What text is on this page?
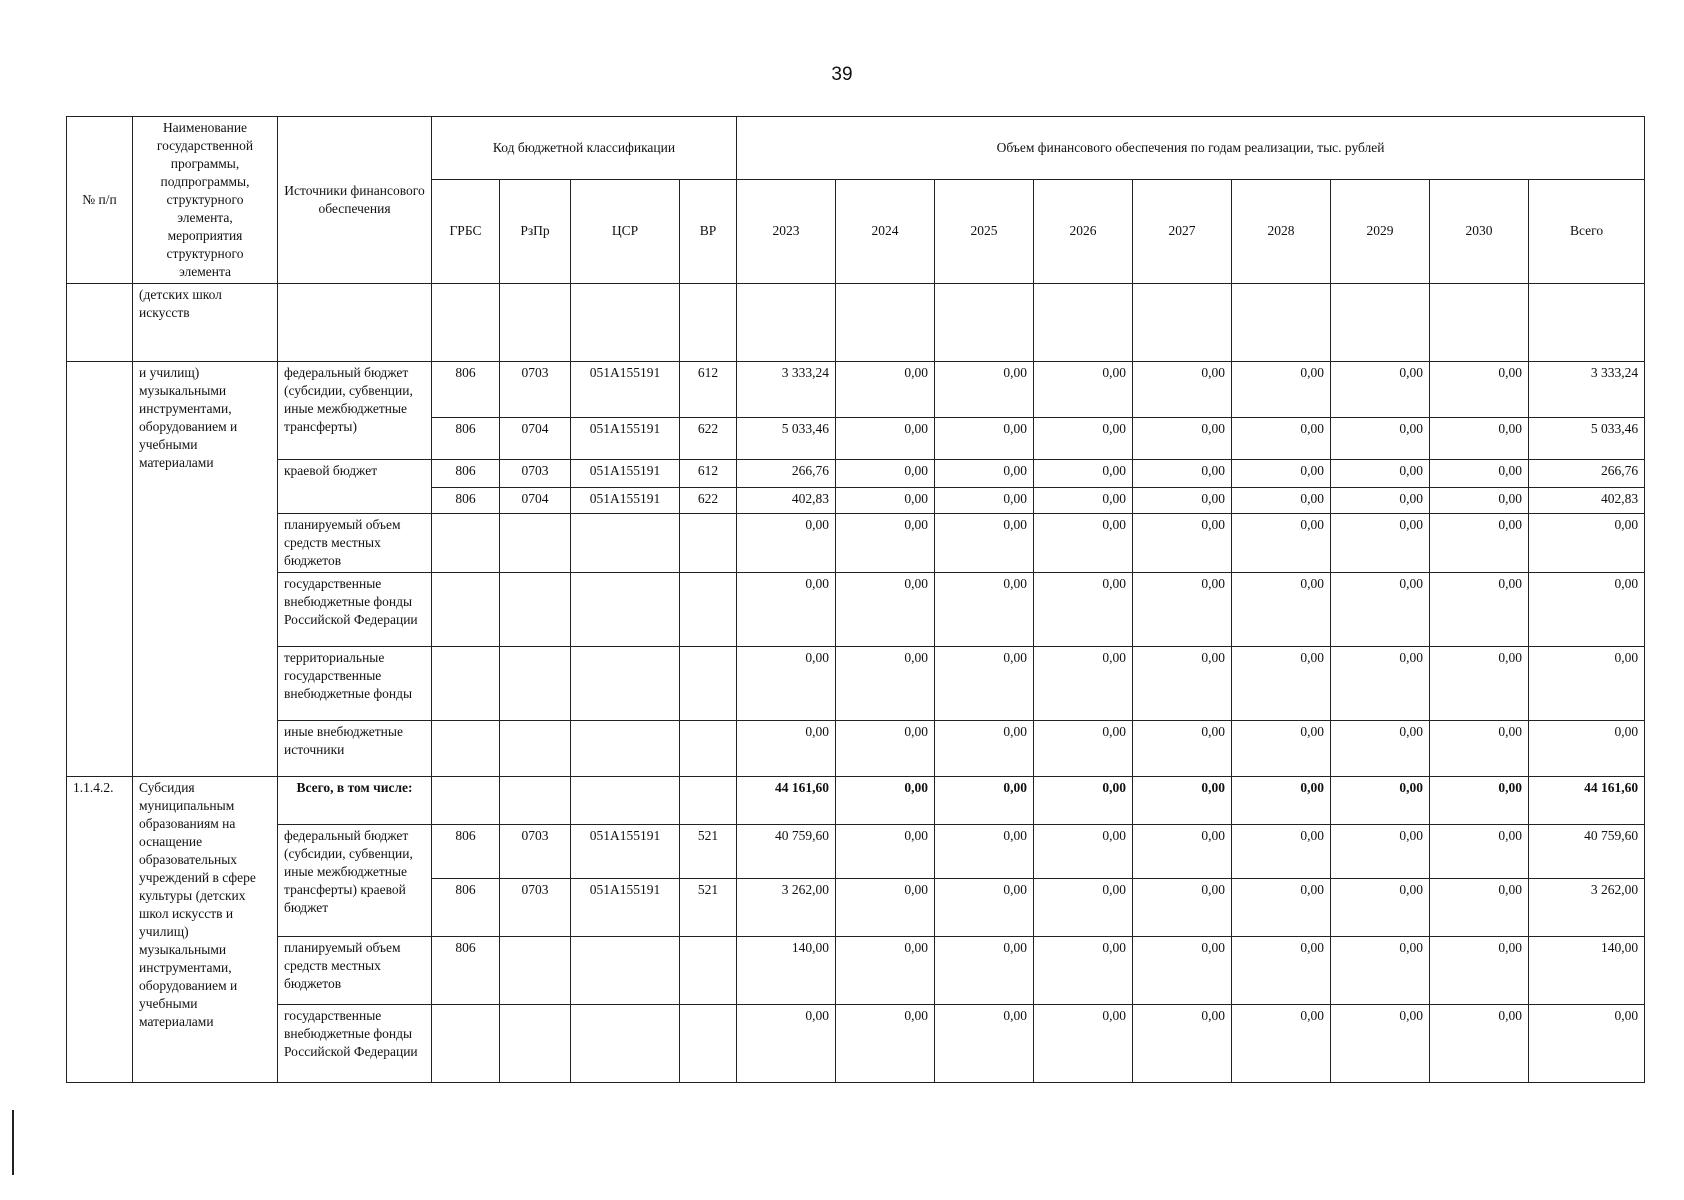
39
№ п/п	Наименование государственной программы, подпрограммы, структурного элемента, мероприятия структурного элемента	Источники финансового обеспечения	Код бюджетной классификации				Объем финансового обеспечения по годам реализации, тыс. рублей								
			ГРБС	РзПр	ЦСР	ВР	2023	2024	2025	2026	2027	2028	2029	2030	Всего
	(детских школ искусств														
	и училищ) музыкальными инструментами, оборудованием и учебными материалами	федеральный бюджет (субсидии, субвенции, иные межбюджетные трансферты)	806	0703	051A155191	612	3 333,24	0,00	0,00	0,00	0,00	0,00	0,00	0,00	3 333,24
			806	0704	051A155191	622	5 033,46	0,00	0,00	0,00	0,00	0,00	0,00	0,00	5 033,46
		краевой бюджет	806	0703	051A155191	612	266,76	0,00	0,00	0,00	0,00	0,00	0,00	0,00	266,76
			806	0704	051A155191	622	402,83	0,00	0,00	0,00	0,00	0,00	0,00	0,00	402,83
		планируемый объем средств местных бюджетов					0,00	0,00	0,00	0,00	0,00	0,00	0,00	0,00	0,00
		государственные внебюджетные фонды Российской Федерации					0,00	0,00	0,00	0,00	0,00	0,00	0,00	0,00	0,00
		территориальные государственные внебюджетные фонды					0,00	0,00	0,00	0,00	0,00	0,00	0,00	0,00	0,00
		иные внебюджетные источники					0,00	0,00	0,00	0,00	0,00	0,00	0,00	0,00	0,00
1.1.4.2.	Субсидия муниципальным образованиям на оснащение образовательных учреждений в сфере культуры (детских школ искусств и училищ) музыкальными инструментами, оборудованием и учебными материалами	Всего, в том числе:					44 161,60	0,00	0,00	0,00	0,00	0,00	0,00	0,00	44 161,60
		федеральный бюджет (субсидии, субвенции, иные межбюджетные трансферты) краевой бюджет	806	0703	051A155191	521	40 759,60	0,00	0,00	0,00	0,00	0,00	0,00	0,00	40 759,60
			806	0703	051A155191	521	3 262,00	0,00	0,00	0,00	0,00	0,00	0,00	0,00	3 262,00
		планируемый объем средств местных бюджетов	806				140,00	0,00	0,00	0,00	0,00	0,00	0,00	0,00	140,00
		государственные внебюджетные фонды Российской Федерации					0,00	0,00	0,00	0,00	0,00	0,00	0,00	0,00	0,00
